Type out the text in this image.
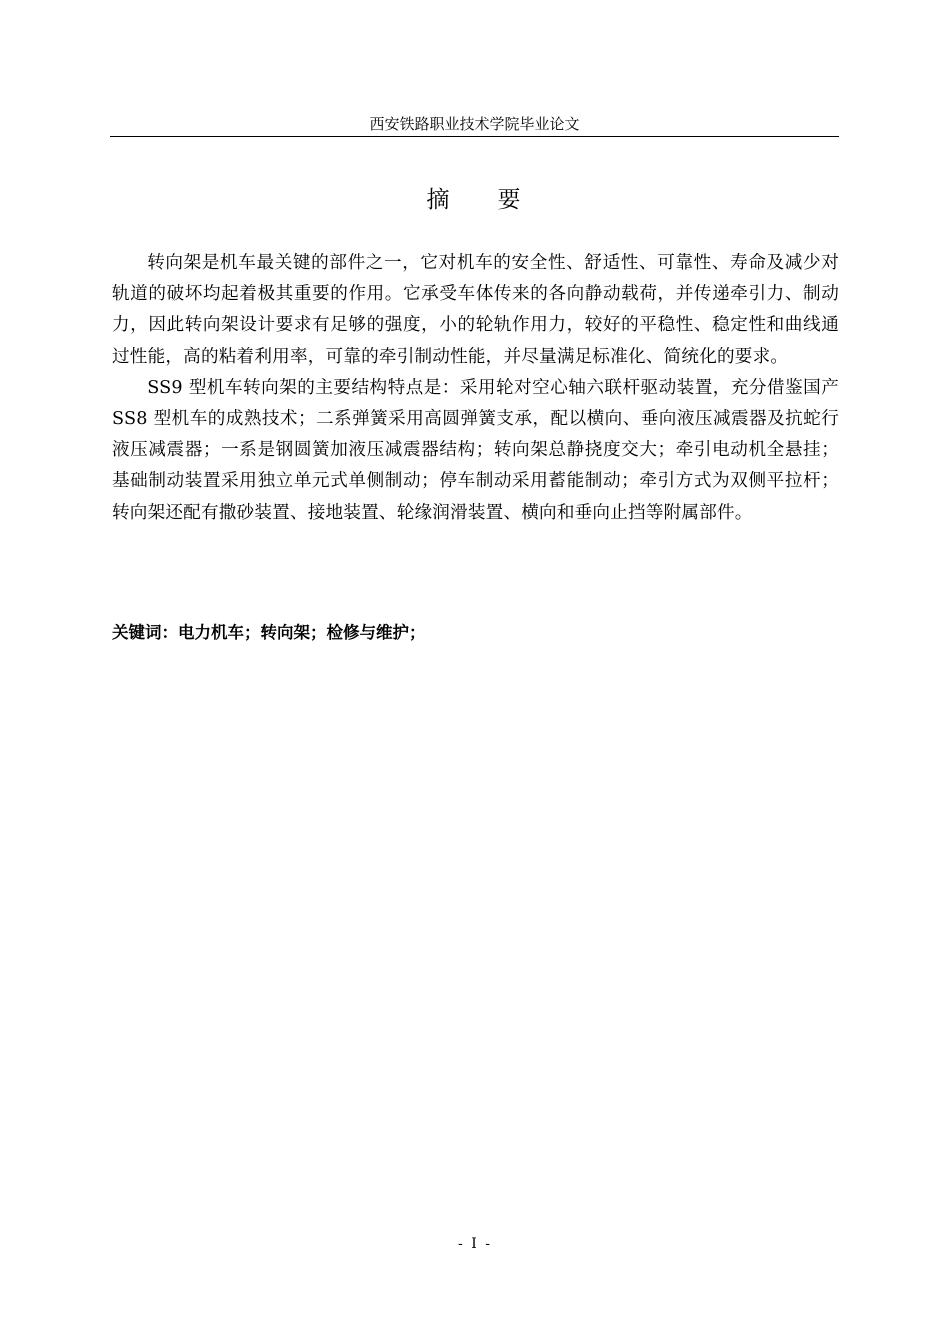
西安铁路职业技术学院毕业论文
摘 要

转向架是机车最关键的部件之一，它对机车的安全性、舒适性、可靠性、寿命及减少对轨道的破坏均起着极其重要的作用。它承受车体传来的各向静动载荷，并传递牵引力、制动力，因此转向架设计要求有足够的强度，小的轮轨作用力，较好的平稳性、稳定性和曲线通过性能，高的粘着利用率，可靠的牵引制动性能，并尽量满足标准化、简统化的要求。

SS9 型机车转向架的主要结构特点是：采用轮对空心轴六联杆驱动装置，充分借鉴国产 SS8 型机车的成熟技术；二系弹簧采用高圆弹簧支承，配以横向、垂向液压减震器及抗蛇行液压减震器；一系是钢圆簧加液压减震器结构；转向架总静挠度交大；牵引电动机全悬挂；基础制动装置采用独立单元式单侧制动；停车制动采用蓄能制动；牵引方式为双侧平拉杆；转向架还配有撒砂装置、接地装置、轮缘润滑装置、横向和垂向止挡等附属部件。

关键词：电力机车；转向架；检修与维护；
- I -
